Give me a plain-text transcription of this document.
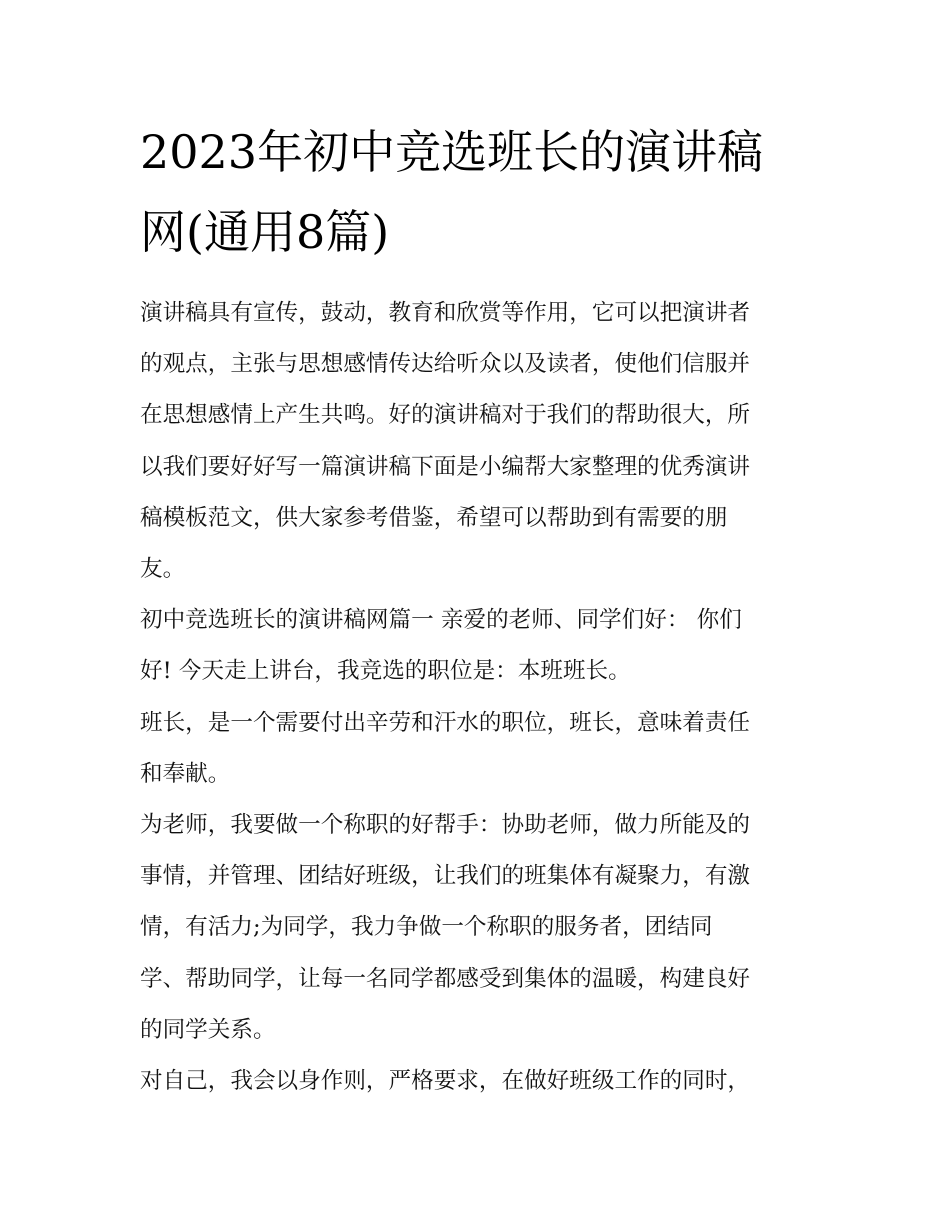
2023年初中竞选班长的演讲稿
网(通用8篇)

演讲稿具有宣传，鼓动，教育和欣赏等作用，它可以把演讲者
的观点，主张与思想感情传达给听众以及读者，使他们信服并
在思想感情上产生共鸣。好的演讲稿对于我们的帮助很大，所
以我们要好好写一篇演讲稿下面是小编帮大家整理的优秀演讲
稿模板范文，供大家参考借鉴，希望可以帮助到有需要的朋
友。

初中竞选班长的演讲稿网篇一 亲爱的老师、同学们好： 你们
好! 今天走上讲台，我竞选的职位是：本班班长。

班长，是一个需要付出辛劳和汗水的职位，班长，意味着责任
和奉献。

为老师，我要做一个称职的好帮手：协助老师，做力所能及的
事情，并管理、团结好班级，让我们的班集体有凝聚力，有激
情，有活力;为同学，我力争做一个称职的服务者，团结同
学、帮助同学，让每一名同学都感受到集体的温暖，构建良好
的同学关系。

对自己，我会以身作则，严格要求，在做好班级工作的同时，
